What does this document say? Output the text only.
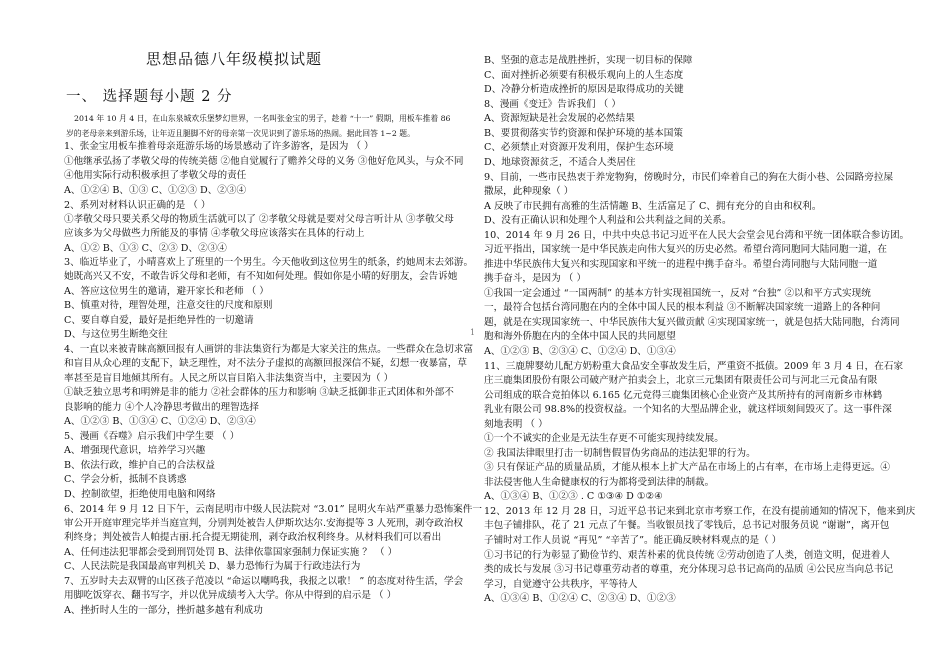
思想品德八年级模拟试题
一、 选择题每小题 2 分
2014 年 10 月 4 日，在山东泉城欢乐堡梦幻世界，一名叫张金宝的男子，趁着 “十一” 假期，用板车推着 86
岁的老母亲来到游乐场，让年迈且腿脚不好的母亲第一次见识到了游乐场的热闹。据此回答 1~2 题。
1、张金宝用板车推着母亲逛游乐场的场景感动了许多游客，是因为 （ ）
①他继承弘扬了孝敬父母的传统美德 ②他自觉履行了赡养父母的义务 ③他好危风头，与众不同
④他用实际行动积极承担了孝敬父母的责任
A、①②④ B、①③ C、①②③ D、②③④
2、系列对材料认识正确的是 （ ）
①孝敬父母只要关系父母的物质生活就可以了 ②孝敬父母就是要对父母言听计从 ③孝敬父母
应该多为父母做些力所能及的事情 ④孝敬父母应该落实在具体的行动上
A、①② B、①③ C、②③ D、②③④
3、临近毕业了，小晴喜欢上了班里的一个男生。今天他收到这位男生的纸条，约她周末去郊游。
她既高兴又不安，不敢告诉父母和老师，有不知如何处理。假如你是小晴的好朋友，会告诉她
A、答应这位男生的邀请，避开家长和老师 （ ）
B、慎重对待，理智处理，注意交往的尺度和原则
C、要自尊自爱，最好是拒绝异性的一切邀请
D、与这位男生断绝交往
4、一直以来被青睐高额回报有人画饼的非法集资行为都是大家关注的焦点。一些群众在急切求富
和盲目从众心理的支配下，缺乏理性，对不法分子虚拟的高额回报深信不疑，幻想一夜暴富，草
率甚至是盲目地倾其所有。人民之所以盲目陷入非法集资当中，主要因为（ ）
①缺乏独立思考和明辨是非的能力 ②社会群体的压力和影响 ③缺乏抵御非正式团体和外部不
良影响的能力 ④个人冷静思考做出的理智选择
A、①②③ B、①③④ C、①②④ D、②③④
5、漫画《吞噬》启示我们中学生要 （ ）
A、增强现代意识，培养学习兴趣
B、依法行政，维护自己的合法权益
C、学会分析，抵制不良诱惑
D、控制欲望，拒绝使用电脑和网络
6、2014 年 9 月 12 日下午，云南昆明市中级人民法院对 “3.01” 昆明火车站严重暴力恐怖案件一
审公开开庭审理完毕并当庭宣判，分别判处被告人伊斯坎达尔.安海提等 3 人死刑，剥夺政治权
利终身；判处被告人帕提古丽.托合提无期徒刑，剥夺政治权利终身。从材料我们可以看出
A、任何违法犯罪都会受到刑罚处罚 B、法律依靠国家强制力保证实施 ？ （ ）
C、人民法院是我国最高审判机关 D、暴力恐怖行为属于行政违法行为
7、五岁时夫去双臂的山区孩子范凌以 “命运以嘲鸣我，我报之以歌！ ” 的态度对待生活，学会
用脚吃饭穿衣、翻书写字，并以优异成绩考入大学。你从中得到的启示是 （ ）
A、挫折时人生的一部分，挫折越多越有利成功
B、坚强的意志是战胜挫折，实现一切目标的保障
C、面对挫折必须要有积极乐观向上的人生态度
D、冷静分析造成挫折的原因是取得成功的关键
8、漫画《变迁》告诉我们 （ ）
A、资源短缺是社会发展的必然结果
B、要贯彻落实节约资源和保护环境的基本国策
C、必须禁止对资源开发利用，保护生态环境
D、地球资源贫乏，不适合人类居住
9、目前，一些市民热衷于养宠物狗，傍晚时分，市民们牵着自己的狗在大街小巷、公园路旁拉屎
撒尿，此种现象（ ）
A 反映了市民拥有高雅的生活情趣 B、生活富足了 C、拥有充分的自由和权利。
D、没有正确认识和处理个人利益和公共利益之间的关系。
10、2014 年 9 月 26 日，中共中央总书记习近平在人民大会堂会见台湾和平统一团体联合参访团。
习近平指出，国家统一是中华民族走向伟大复兴的历史必然。希望台湾同胞同大陆同胞一道，在
推进中华民族伟大复兴和实现国家和平统一的进程中携手奋斗。希望台湾同胞与大陆同胞一道
携手奋斗，是因为 （ ）
①我国一定会通过 “一国两制” 的基本方针实现祖国统一，反对 “台独” ②以和平方式实现统
一，最符合包括台湾同胞在内的全体中国人民的根本利益 ③不断解决国家统一道路上的各种问
题，就是在实现国家统一、中华民族伟大复兴做贡献 ④实现国家统一，就是包括大陆同胞，台湾同
胞和海外侨胞在内的全体中国人民的共同愿望
A、①②③ B、②③④ C、①②④ D、①③④
11、三鹿牌婴幼儿配方奶粉重大食品安全事故发生后，严重资不抵债。2009 年 3 月 4 日，在石家
庄三鹿集团股份有限公司破产财产拍卖会上，北京三元集团有限责任公司与河北三元食品有限
公司组成的联合竞拍体以 6.165 亿元竞得三鹿集团核心企业资产及其所持有的河南新乡市林鹤
乳业有限公司 98.8%的投资权益。一个知名的大型品牌企业，就这样顷刻间毁灭了。这一事件深
刻地表明 （ ）
①一个不诚实的企业是无法生存更不可能实现持续发展。
② 我国法律眼里打击一切制售假冒伪劣商品的违法犯罪的行为。
③ 只有保证产品的质量品质，才能从根本上扩大产品在市场上的占有率，在市场上走得更远。④
非法侵害他人生命健康权的行为都将受到法律的制裁。
A、①③④ B、①②③ . C ①③④ D ①②④
12、2013 年 12 月 28 日，习近平总书记来到北京市考察工作，在没有提前通知的情况下，他来到庆
丰包子铺排队，花了 21 元点了午餐。当收银员找了零钱后，总书记对服务员说 “谢谢”，离开包
子铺时对工作人员说 “再见” “辛苦了”。能正确反映材料观点的是（ ）
①习书记的行为彰显了勤俭节约、艰苦朴素的优良传统 ②劳动创造了人类，创造文明，促进着人
类的成长与发展 ③习书记尊重劳动者的尊重，充分体现习总书记高尚的品质 ④公民应当向总书记
学习，自觉遵守公共秩序，平等待人
A、①③④ B、①②④ C、②③④ D、①②③
1
